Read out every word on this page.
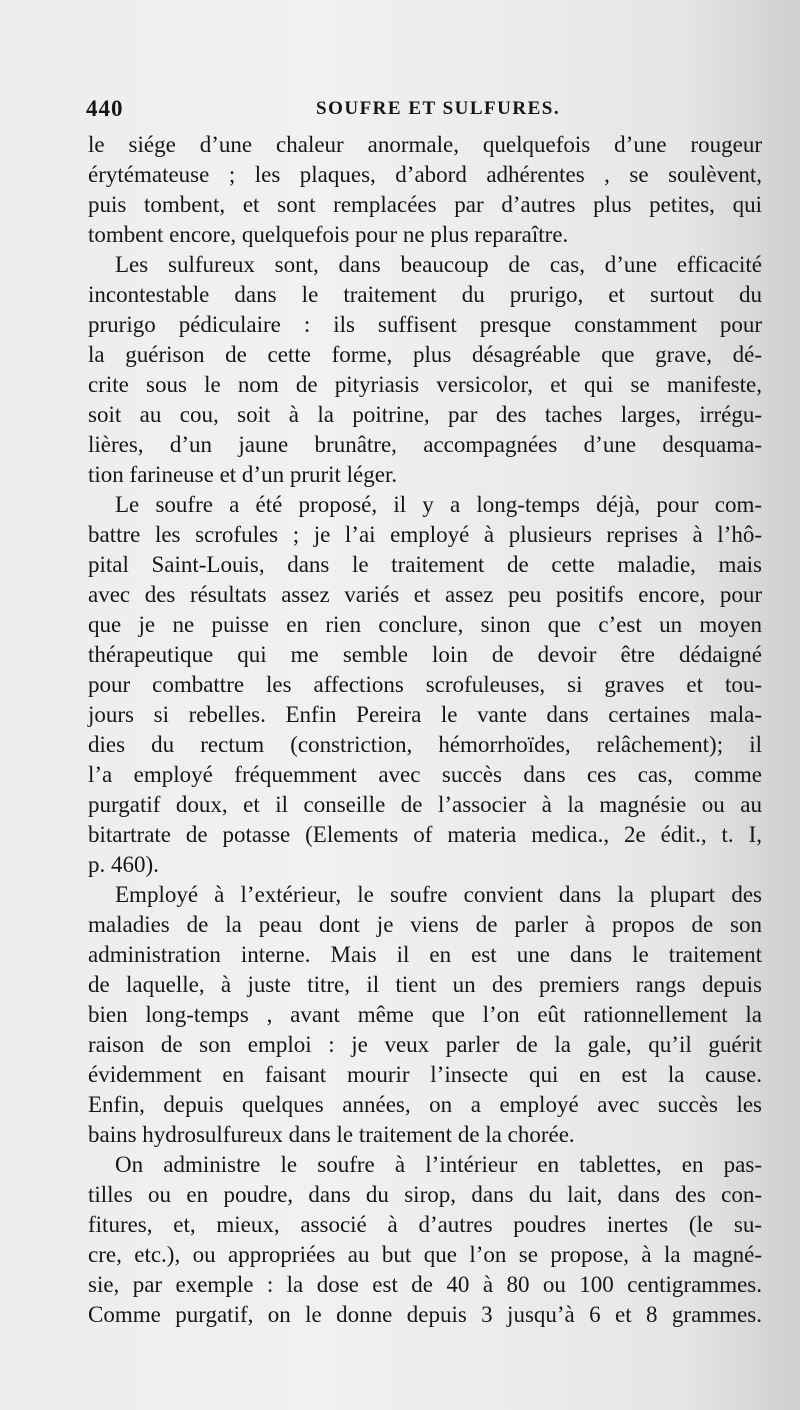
440	SOUFRE ET SULFURES.
le siége d’une chaleur anormale, quelquefois d’une rougeur
érytémateuse ; les plaques, d’abord adhérentes , se soulèvent,
puis tombent, et sont remplacées par d’autres plus petites, qui
tombent encore, quelquefois pour ne plus reparaître.
Les sulfureux sont, dans beaucoup de cas, d’une efficacité
incontestable dans le traitement du prurigo, et surtout du
prurigo pédiculaire : ils suffisent presque constamment pour
la guérison de cette forme, plus désagréable que grave, dé-
crite sous le nom de pityriasis versicolor, et qui se manifeste,
soit au cou, soit à la poitrine, par des taches larges, irrégu-
lières, d’un jaune brunâtre, accompagnées d’une desquama-
tion farineuse et d’un prurit léger.
Le soufre a été proposé, il y a long-temps déjà, pour com-
battre les scrofules ; je l’ai employé à plusieurs reprises à l’hô-
pital Saint-Louis, dans le traitement de cette maladie, mais
avec des résultats assez variés et assez peu positifs encore, pour
que je ne puisse en rien conclure, sinon que c’est un moyen
thérapeutique qui me semble loin de devoir être dédaigné
pour combattre les affections scrofuleuses, si graves et tou-
jours si rebelles. Enfin Pereira le vante dans certaines mala-
dies du rectum (constriction, hémorrhoïdes, relâchement); il
l’a employé fréquemment avec succès dans ces cas, comme
purgatif doux, et il conseille de l’associer à la magnésie ou au
bitartrate de potasse (Elements of materia medica., 2e édit., t. I,
p. 460).
Employé à l’extérieur, le soufre convient dans la plupart des
maladies de la peau dont je viens de parler à propos de son
administration interne. Mais il en est une dans le traitement
de laquelle, à juste titre, il tient un des premiers rangs depuis
bien long-temps , avant même que l’on eût rationnellement la
raison de son emploi : je veux parler de la gale, qu’il guérit
évidemment en faisant mourir l’insecte qui en est la cause.
Enfin, depuis quelques années, on a employé avec succès les
bains hydrosulfureux dans le traitement de la chorée.
On administre le soufre à l’intérieur en tablettes, en pas-
tilles ou en poudre, dans du sirop, dans du lait, dans des con-
fitures, et, mieux, associé à d’autres poudres inertes (le su-
cre, etc.), ou appropriées au but que l’on se propose, à la magné-
sie, par exemple : la dose est de 40 à 80 ou 100 centigrammes.
Comme purgatif, on le donne depuis 3 jusqu’à 6 et 8 grammes.
